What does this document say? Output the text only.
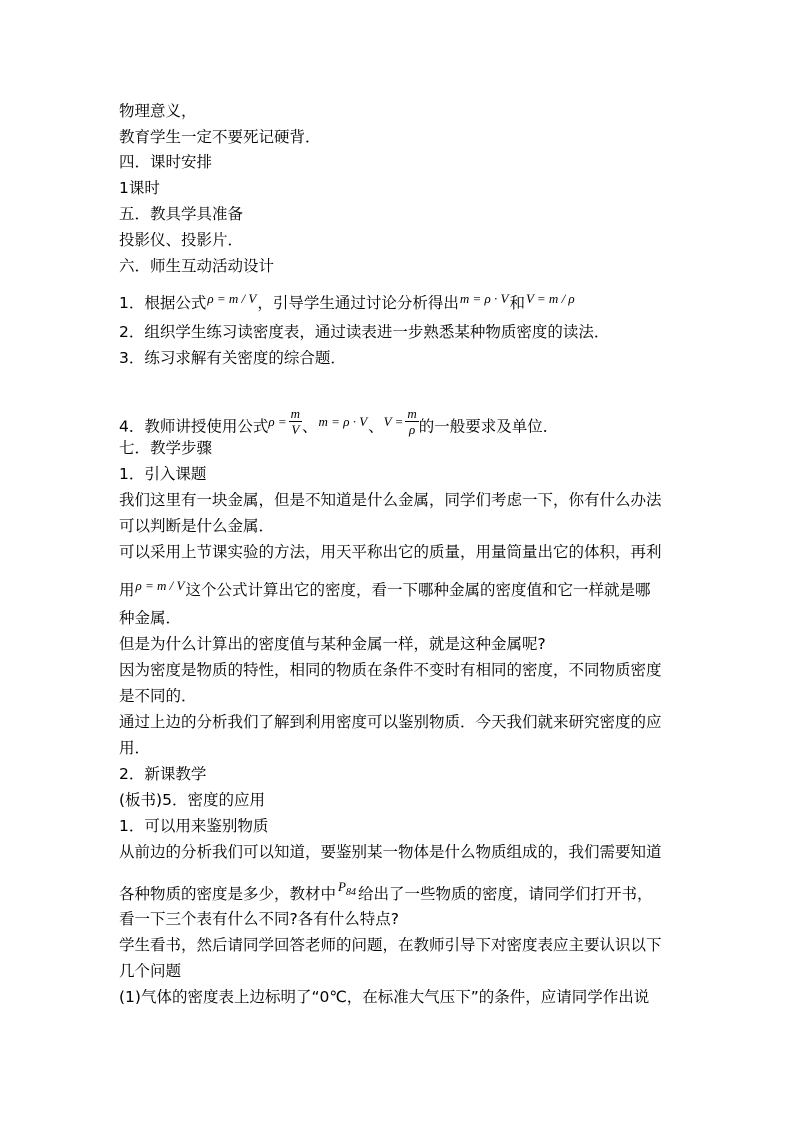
物理意义，
教育学生一定不要死记硬背．
四．课时安排
1课时
五．教具学具准备
投影仪、投影片．
六．师生互动活动设计
1．根据公式ρ = m / V，引导学生通过讨论分析得出m = ρ · V和V = m / ρ
2．组织学生练习读密度表，通过读表进一步熟悉某种物质密度的读法．
3．练习求解有关密度的综合题．
4．教师讲授使用公式$\rho = \frac{m}{V}$ 、m = ρ · V、$V = \frac{m}{\rho}$ 的一般要求及单位．
七．教学步骤
1．引入课题
我们这里有一块金属，但是不知道是什么金属，同学们考虑一下，你有什么办法
可以判断是什么金属．
可以采用上节课实验的方法，用天平称出它的质量，用量筒量出它的体积，再利
用ρ = m / V这个公式计算出它的密度，看一下哪种金属的密度值和它一样就是哪
种金属．
但是为什么计算出的密度值与某种金属一样，就是这种金属呢?
因为密度是物质的特性，相同的物质在条件不变时有相同的密度，不同物质密度
是不同的．
通过上边的分析我们了解到利用密度可以鉴别物质．今天我们就来研究密度的应
用．
2．新课教学
(板书)5．密度的应用
1．可以用来鉴别物质
从前边的分析我们可以知道，要鉴别某一物体是什么物质组成的，我们需要知道
各种物质的密度是多少，教材中 $P_{84}$ 给出了一些物质的密度，请同学们打开书，
看一下三个表有什么不同?各有什么特点?
学生看书，然后请同学回答老师的问题，在教师引导下对密度表应主要认识以下
几个问题
(1)气体的密度表上边标明了“0℃，在标准大气压下”的条件，应请同学作出说
